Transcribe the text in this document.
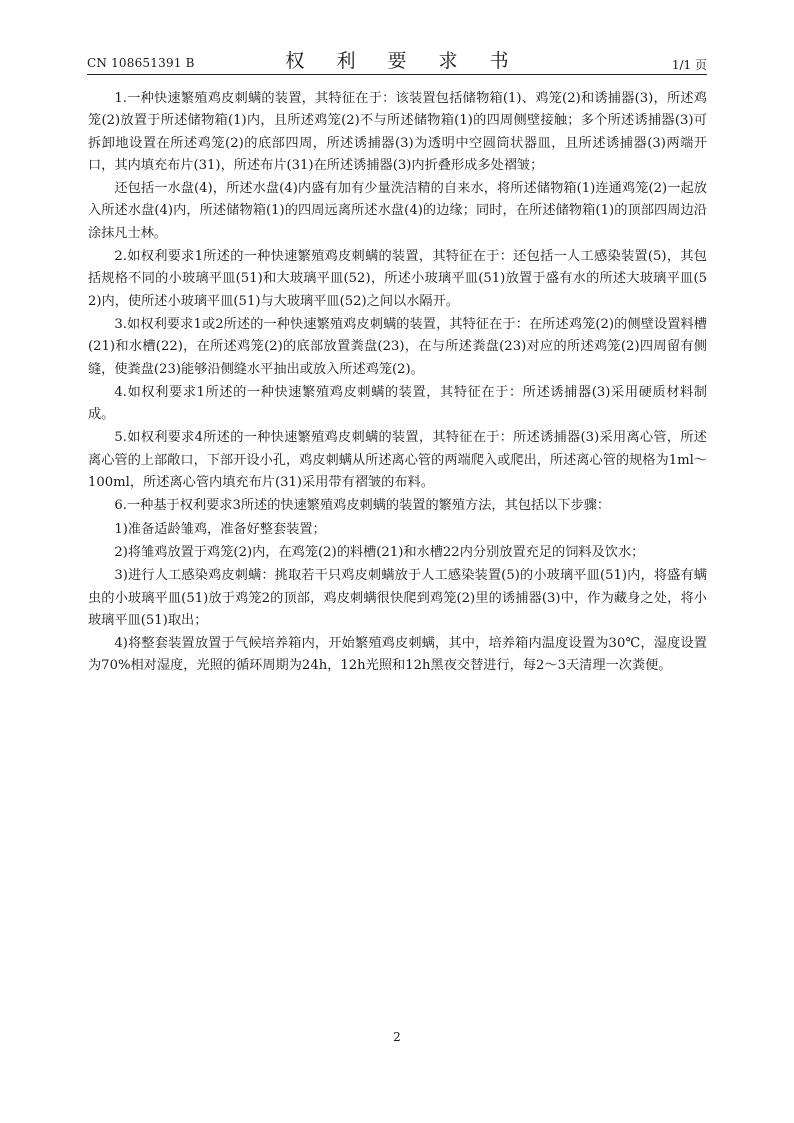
CN 108651391 B	权 利 要 求 书	1/1 页

1.一种快速繁殖鸡皮刺螨的装置，其特征在于：该装置包括储物箱(1)、鸡笼(2)和诱捕器(3)，所述鸡笼(2)放置于所述储物箱(1)内，且所述鸡笼(2)不与所述储物箱(1)的四周侧壁接触；多个所述诱捕器(3)可拆卸地设置在所述鸡笼(2)的底部四周，所述诱捕器(3)为透明中空圆筒状器皿，且所述诱捕器(3)两端开口，其内填充布片(31)，所述布片(31)在所述诱捕器(3)内折叠形成多处褶皱；

还包括一水盘(4)，所述水盘(4)内盛有加有少量洗洁精的自来水，将所述储物箱(1)连通鸡笼(2)一起放入所述水盘(4)内，所述储物箱(1)的四周远离所述水盘(4)的边缘；同时，在所述储物箱(1)的顶部四周边沿涂抹凡士林。

2.如权利要求1所述的一种快速繁殖鸡皮刺螨的装置，其特征在于：还包括一人工感染装置(5)，其包括规格不同的小玻璃平皿(51)和大玻璃平皿(52)，所述小玻璃平皿(51)放置于盛有水的所述大玻璃平皿(52)内，使所述小玻璃平皿(51)与大玻璃平皿(52)之间以水隔开。

3.如权利要求1或2所述的一种快速繁殖鸡皮刺螨的装置，其特征在于：在所述鸡笼(2)的侧壁设置料槽(21)和水槽(22)，在所述鸡笼(2)的底部放置粪盘(23)，在与所述粪盘(23)对应的所述鸡笼(2)四周留有侧缝，使粪盘(23)能够沿侧缝水平抽出或放入所述鸡笼(2)。

4.如权利要求1所述的一种快速繁殖鸡皮刺螨的装置，其特征在于：所述诱捕器(3)采用硬质材料制成。

5.如权利要求4所述的一种快速繁殖鸡皮刺螨的装置，其特征在于：所述诱捕器(3)采用离心管，所述离心管的上部敞口，下部开设小孔，鸡皮刺螨从所述离心管的两端爬入或爬出，所述离心管的规格为1ml～100ml，所述离心管内填充布片(31)采用带有褶皱的布料。

6.一种基于权利要求3所述的快速繁殖鸡皮刺螨的装置的繁殖方法，其包括以下步骤：

1)准备适龄雏鸡，准备好整套装置；

2)将雏鸡放置于鸡笼(2)内，在鸡笼(2)的料槽(21)和水槽22内分别放置充足的饲料及饮水；

3)进行人工感染鸡皮刺螨：挑取若干只鸡皮刺螨放于人工感染装置(5)的小玻璃平皿(51)内，将盛有螨虫的小玻璃平皿(51)放于鸡笼2的顶部，鸡皮刺螨很快爬到鸡笼(2)里的诱捕器(3)中，作为藏身之处，将小玻璃平皿(51)取出；

4)将整套装置放置于气候培养箱内，开始繁殖鸡皮刺螨，其中，培养箱内温度设置为30℃，湿度设置为70%相对湿度，光照的循环周期为24h，12h光照和12h黑夜交替进行，每2～3天清理一次粪便。

2
